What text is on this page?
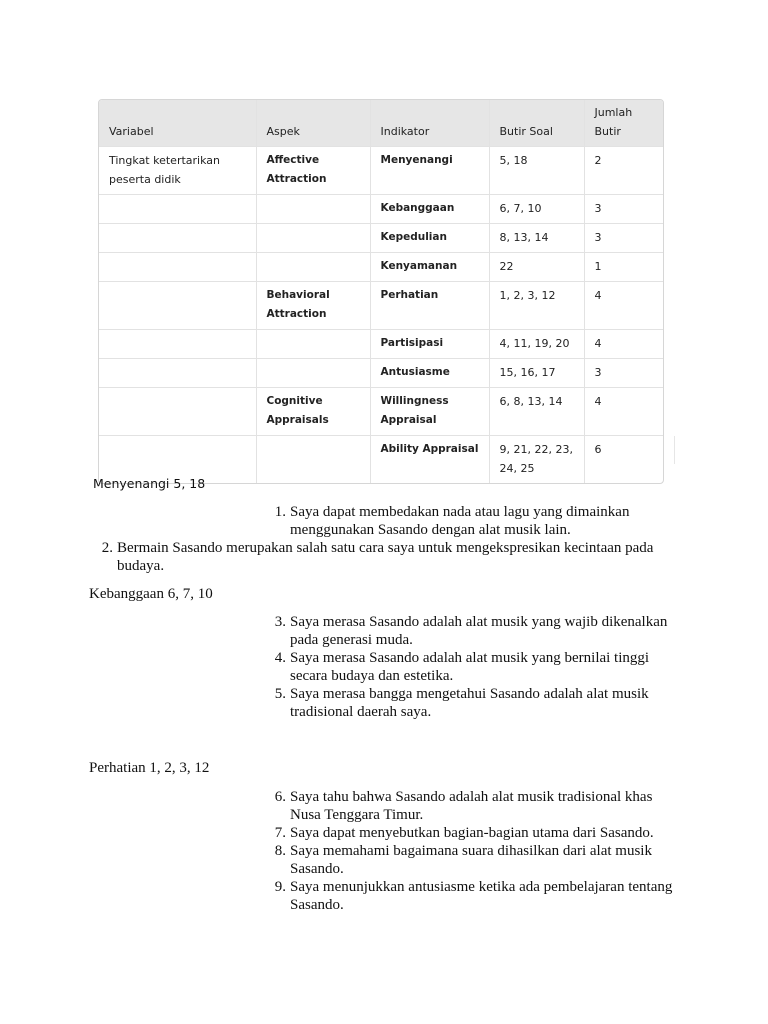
Variabel	Aspek	Indikator	Butir Soal	Jumlah Butir
Tingkat ketertarikan peserta didik	Affective Attraction	Menyenangi	5, 18	2
		Kebanggaan	6, 7, 10	3
		Kepedulian	8, 13, 14	3
		Kenyamanan	22	1
	Behavioral Attraction	Perhatian	1, 2, 3, 12	4
		Partisipasi	4, 11, 19, 20	4
		Antusiasme	15, 16, 17	3
	Cognitive Appraisals	Willingness Appraisal	6, 8, 13, 14	4
		Ability Appraisal	9, 21, 22, 23, 24, 25	6
Menyenangi 5, 18
1. Saya dapat membedakan nada atau lagu yang dimainkan menggunakan Sasando dengan alat musik lain.
2. Bermain Sasando merupakan salah satu cara saya untuk mengekspresikan kecintaan pada budaya.
Kebanggaan 6, 7, 10
3. Saya merasa Sasando adalah alat musik yang wajib dikenalkan pada generasi muda.
4. Saya merasa Sasando adalah alat musik yang bernilai tinggi secara budaya dan estetika.
5. Saya merasa bangga mengetahui Sasando adalah alat musik tradisional daerah saya.
Perhatian 1, 2, 3, 12
6. Saya tahu bahwa Sasando adalah alat musik tradisional khas Nusa Tenggara Timur.
7. Saya dapat menyebutkan bagian-bagian utama dari Sasando.
8. Saya memahami bagaimana suara dihasilkan dari alat musik Sasando.
9. Saya menunjukkan antusiasme ketika ada pembelajaran tentang Sasando.
